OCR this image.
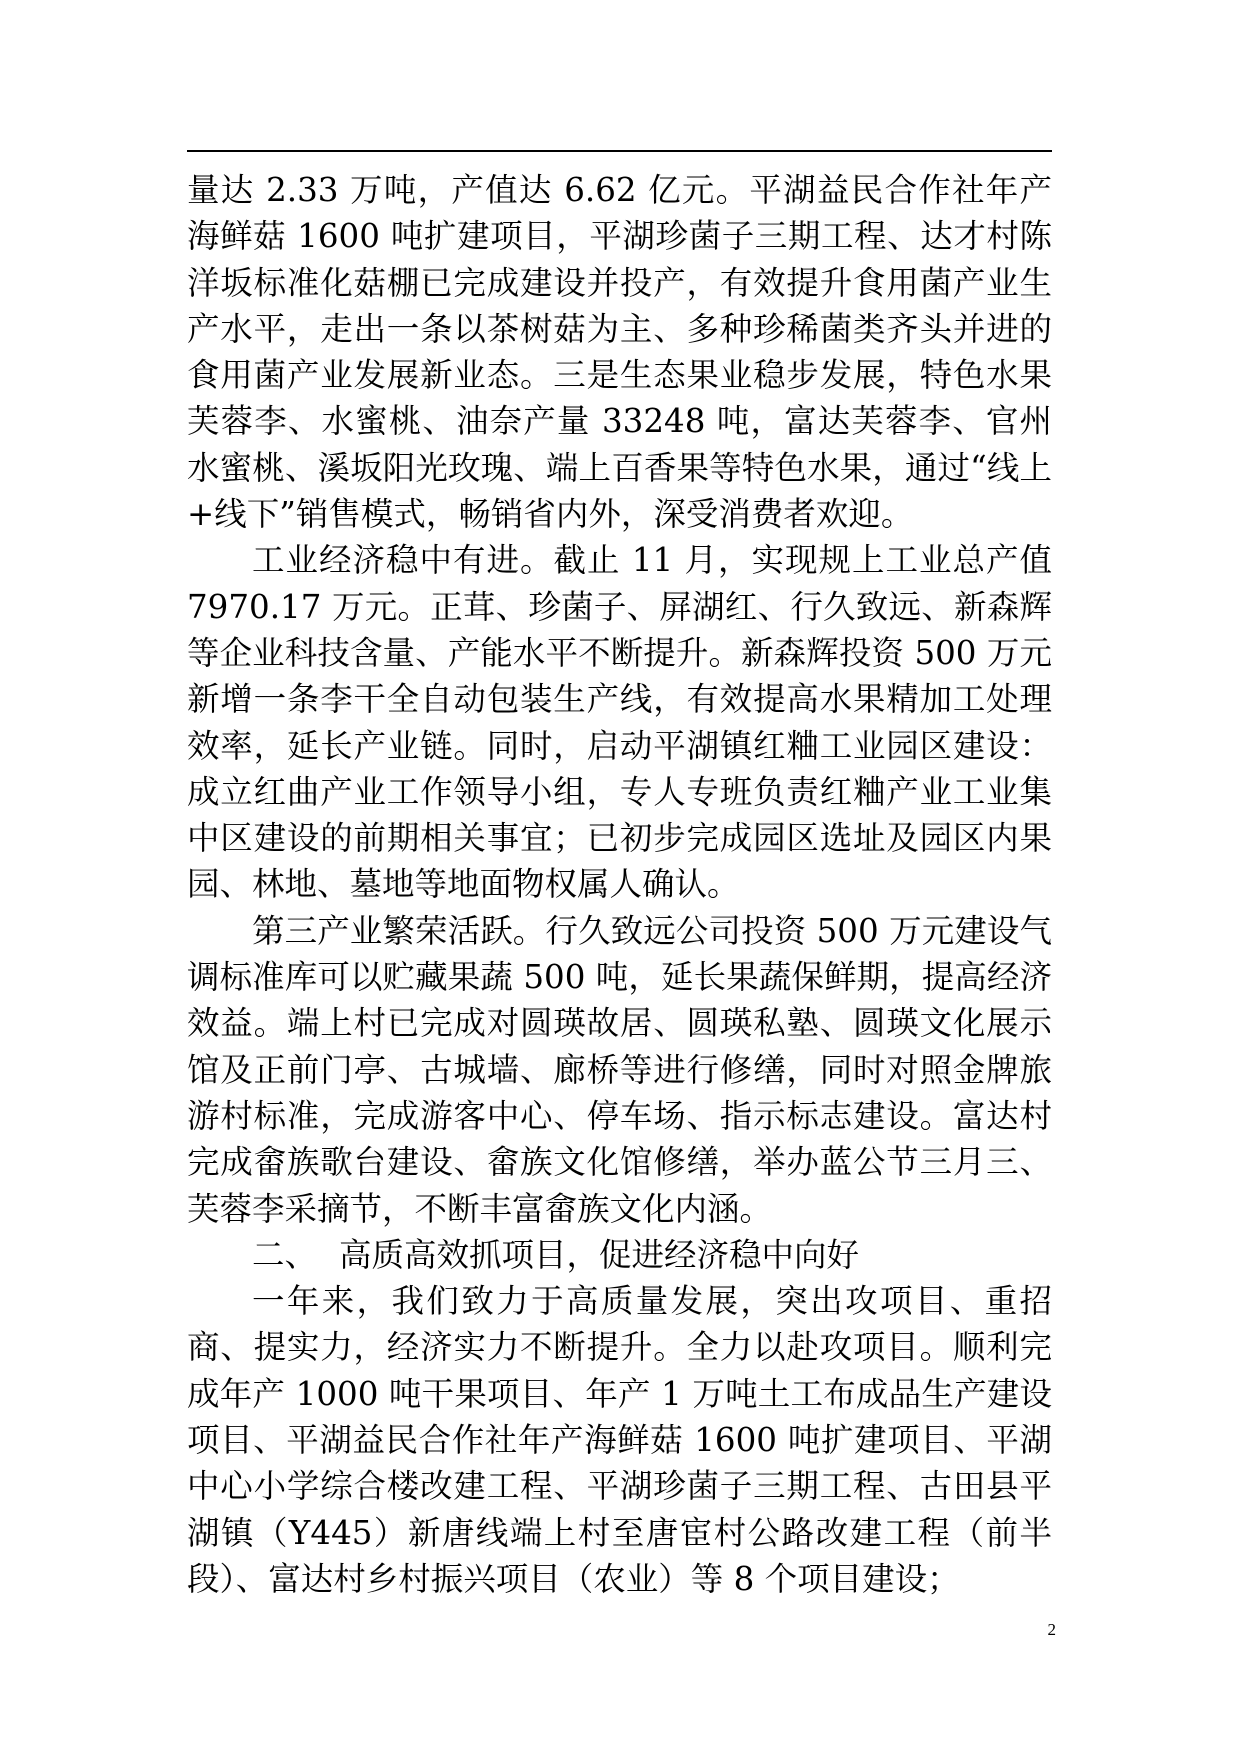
量达 2.33 万吨，产值达 6.62 亿元。平湖益民合作社年产海鲜菇 1600 吨扩建项目，平湖珍菌子三期工程、达才村陈洋坂标准化菇棚已完成建设并投产，有效提升食用菌产业生产水平，走出一条以茶树菇为主、多种珍稀菌类齐头并进的食用菌产业发展新业态。三是生态果业稳步发展，特色水果芙蓉李、水蜜桃、油奈产量 33248 吨，富达芙蓉李、官州水蜜桃、溪坂阳光玫瑰、端上百香果等特色水果，通过“线上+线下”销售模式，畅销省内外，深受消费者欢迎。

工业经济稳中有进。截止 11 月，实现规上工业总产值 7970.17 万元。正茸、珍菌子、屏湖红、行久致远、新森辉等企业科技含量、产能水平不断提升。新森辉投资 500 万元新增一条李干全自动包装生产线，有效提高水果精加工处理效率，延长产业链。同时，启动平湖镇红粬工业园区建设：成立红曲产业工作领导小组，专人专班负责红粬产业工业集中区建设的前期相关事宜；已初步完成园区选址及园区内果园、林地、墓地等地面物权属人确认。

第三产业繁荣活跃。行久致远公司投资 500 万元建设气调标准库可以贮藏果蔬 500 吨，延长果蔬保鲜期，提高经济效益。端上村已完成对圆瑛故居、圆瑛私塾、圆瑛文化展示馆及正前门亭、古城墙、廊桥等进行修缮，同时对照金牌旅游村标准，完成游客中心、停车场、指示标志建设。富达村完成畲族歌台建设、畲族文化馆修缮，举办蓝公节三月三、芙蓉李采摘节，不断丰富畲族文化内涵。

二、 高质高效抓项目，促进经济稳中向好

一年来，我们致力于高质量发展，突出攻项目、重招商、提实力，经济实力不断提升。全力以赴攻项目。顺利完成年产 1000 吨干果项目、年产 1 万吨土工布成品生产建设项目、平湖益民合作社年产海鲜菇 1600 吨扩建项目、平湖中心小学综合楼改建工程、平湖珍菌子三期工程、古田县平湖镇（Y445）新唐线端上村至唐宦村公路改建工程（前半段）、富达村乡村振兴项目（农业）等 8 个项目建设；

2
